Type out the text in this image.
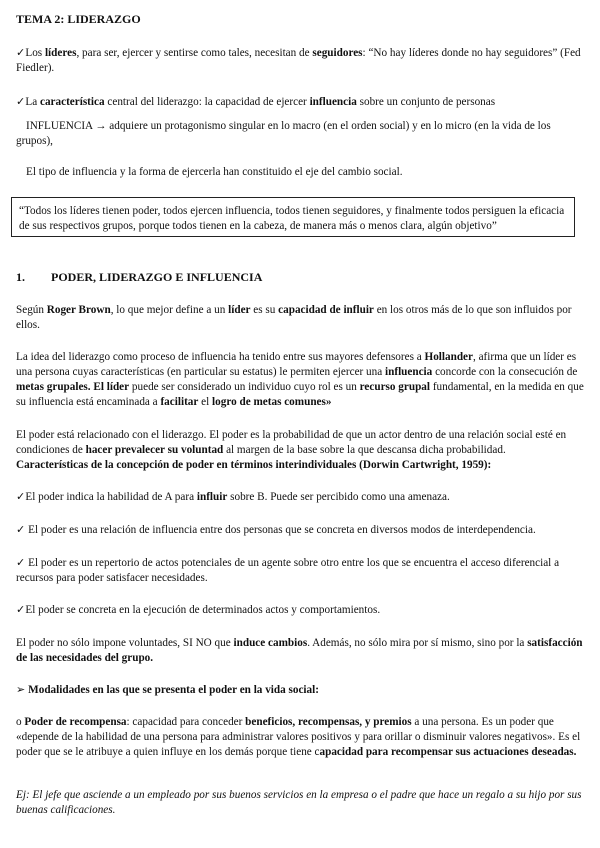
TEMA 2: LIDERAZGO

✓Los líderes, para ser, ejercer y sentirse como tales, necesitan de seguidores: “No hay líderes donde no hay seguidores” (Fed Fiedler).

✓La característica central del liderazgo: la capacidad de ejercer influencia sobre un conjunto de personas

INFLUENCIA → adquiere un protagonismo singular en lo macro (en el orden social) y en lo micro (en la vida de los grupos),

El tipo de influencia y la forma de ejercerla han constituido el eje del cambio social.

“Todos los líderes tienen poder, todos ejercen influencia, todos tienen seguidores, y finalmente todos persiguen la eficacia de sus respectivos grupos, porque todos tienen en la cabeza, de manera más o menos clara, algún objetivo”
1. PODER, LIDERAZGO E INFLUENCIA

Según Roger Brown, lo que mejor define a un líder es su capacidad de influir en los otros más de lo que son influidos por ellos.

La idea del liderazgo como proceso de influencia ha tenido entre sus mayores defensores a Hollander, afirma que un líder es una persona cuyas características (en particular su estatus) le permiten ejercer una influencia concorde con la consecución de metas grupales. El líder puede ser considerado un individuo cuyo rol es un recurso grupal fundamental, en la medida en que su influencia está encaminada a facilitar el logro de metas comunes»

El poder está relacionado con el liderazgo. El poder es la probabilidad de que un actor dentro de una relación social esté en condiciones de hacer prevalecer su voluntad al margen de la base sobre la que descansa dicha probabilidad.
Características de la concepción de poder en términos interindividuales (Dorwin Cartwright, 1959):

✓El poder indica la habilidad de A para influir sobre B. Puede ser percibido como una amenaza.

✓ El poder es una relación de influencia entre dos personas que se concreta en diversos modos de interdependencia.

✓ El poder es un repertorio de actos potenciales de un agente sobre otro entre los que se encuentra el acceso diferencial a recursos para poder satisfacer necesidades.

✓El poder se concreta en la ejecución de determinados actos y comportamientos.

El poder no sólo impone voluntades, SI NO que induce cambios. Además, no sólo mira por sí mismo, sino por la satisfacción de las necesidades del grupo.

➢ Modalidades en las que se presenta el poder en la vida social:

o Poder de recompensa: capacidad para conceder beneficios, recompensas, y premios a una persona. Es un poder que «depende de la habilidad de una persona para administrar valores positivos y para orillar o disminuir valores negativos». Es el poder que se le atribuye a quien influye en los demás porque tiene capacidad para recompensar sus actuaciones deseadas.

Ej: El jefe que asciende a un empleado por sus buenos servicios en la empresa o el padre que hace un regalo a su hijo por sus buenas calificaciones.
